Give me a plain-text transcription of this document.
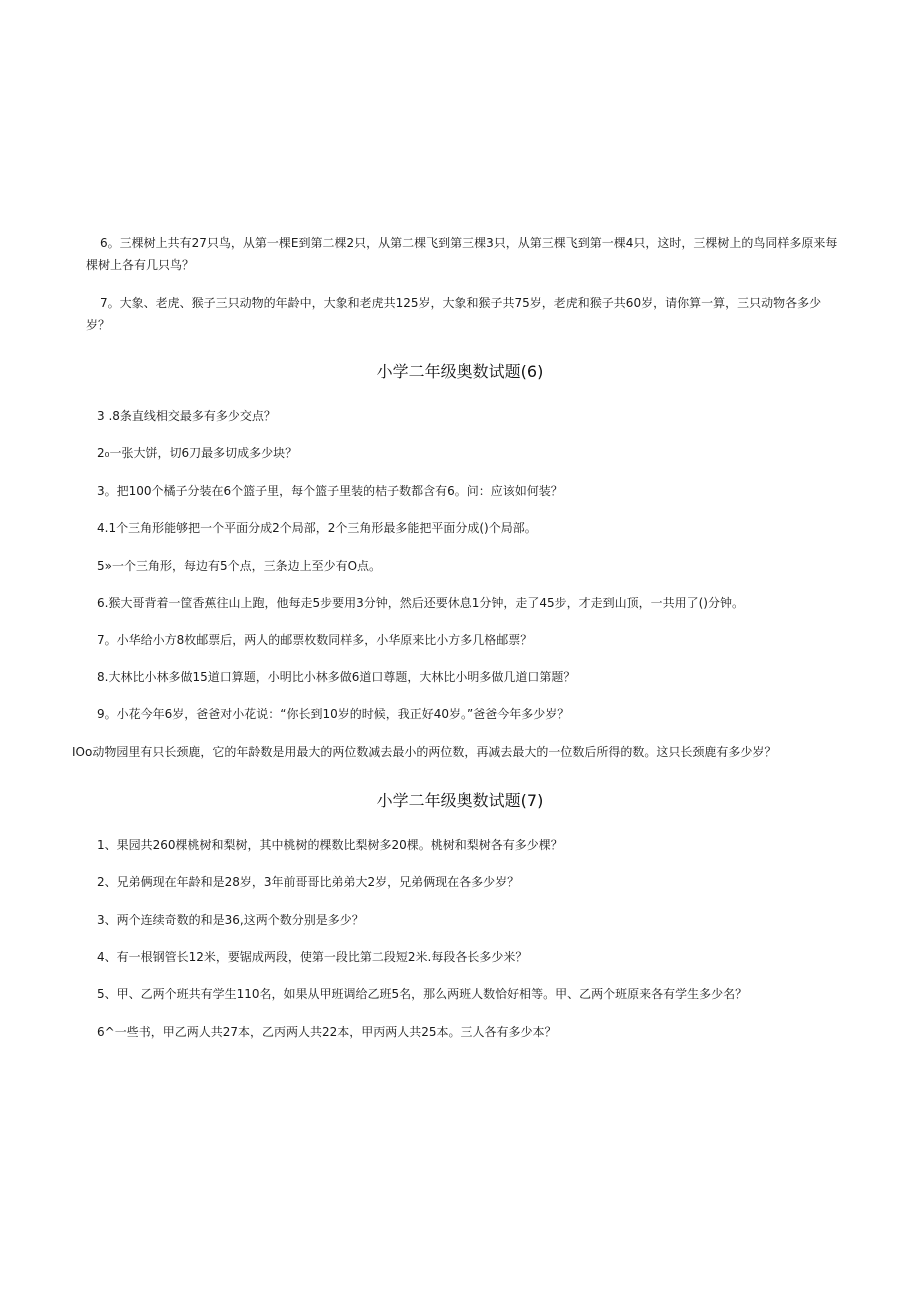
6。三棵树上共有27只鸟，从第一棵E到第二棵2只，从第二棵飞到第三棵3只，从第三棵飞到第一棵4只，这时，三棵树上的鸟同样多原来每棵树上各有几只鸟？

7。大象、老虎、猴子三只动物的年龄中，大象和老虎共125岁，大象和猴子共75岁，老虎和猴子共60岁，请你算一算，三只动物各多少岁？

小学二年级奥数试题(6)

3 .8条直线相交最多有多少交点？

2₀一张大饼，切6刀最多切成多少块？

3。把100个橘子分装在6个篮子里，每个篮子里装的桔子数都含有6。问：应该如何装？

4.1个三角形能够把一个平面分成2个局部，2个三角形最多能把平面分成()个局部。

5»一个三角形，每边有5个点，三条边上至少有O点。

6.猴大哥背着一筐香蕉往山上跑，他每走5步要用3分钟，然后还要休息1分钟，走了45步，才走到山顶，一共用了()分钟。

7。小华给小方8枚邮票后，两人的邮票枚数同样多，小华原来比小方多几格邮票？

8.大林比小林多做15道口算题，小明比小林多做6道口尊题，大林比小明多做几道口第题？

9。小花今年6岁，爸爸对小花说：“你长到10岁的时候，我正好40岁。”爸爸今年多少岁？

IOo动物园里有只长颈鹿，它的年龄数是用最大的两位数减去最小的两位数，再减去最大的一位数后所得的数。这只长颈鹿有多少岁？

小学二年级奥数试题(7)

1、果园共260棵桃树和梨树，其中桃树的棵数比梨树多20棵。桃树和梨树各有多少棵？

2、兄弟俩现在年龄和是28岁，3年前哥哥比弟弟大2岁，兄弟俩现在各多少岁？

3、两个连续奇数的和是36,这两个数分别是多少？

4、有一根钢管长12米，要锯成两段，使第一段比第二段短2米.每段各长多少米？

5、甲、乙两个班共有学生110名，如果从甲班调给乙班5名，那么两班人数恰好相等。甲、乙两个班原来各有学生多少名？

6^一些书，甲乙两人共27本，乙丙两人共22本，甲丙两人共25本。三人各有多少本？
